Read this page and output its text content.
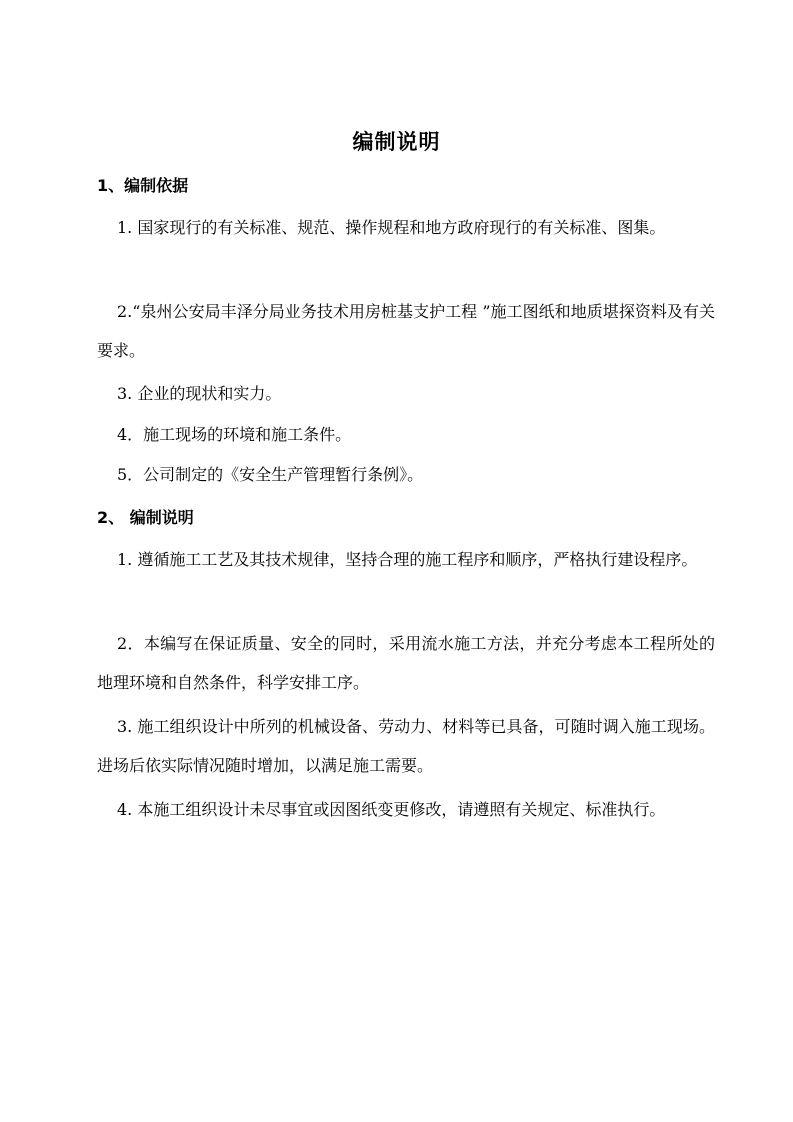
编制说明
1、编制依据
1. 国家现行的有关标准、规范、操作规程和地方政府现行的有关标准、图集。
2.“泉州公安局丰泽分局业务技术用房桩基支护工程 ”施工图纸和地质堪探资料及有关要求。
3. 企业的现状和实力。
4．施工现场的环境和施工条件。
5．公司制定的《安全生产管理暂行条例》。
2、 编制说明
1. 遵循施工工艺及其技术规律，坚持合理的施工程序和顺序，严格执行建设程序。
2．本编写在保证质量、安全的同时，采用流水施工方法，并充分考虑本工程所处的地理环境和自然条件，科学安排工序。
3. 施工组织设计中所列的机械设备、劳动力、材料等已具备，可随时调入施工现场。进场后依实际情况随时增加，以满足施工需要。
4. 本施工组织设计未尽事宜或因图纸变更修改，请遵照有关规定、标准执行。
